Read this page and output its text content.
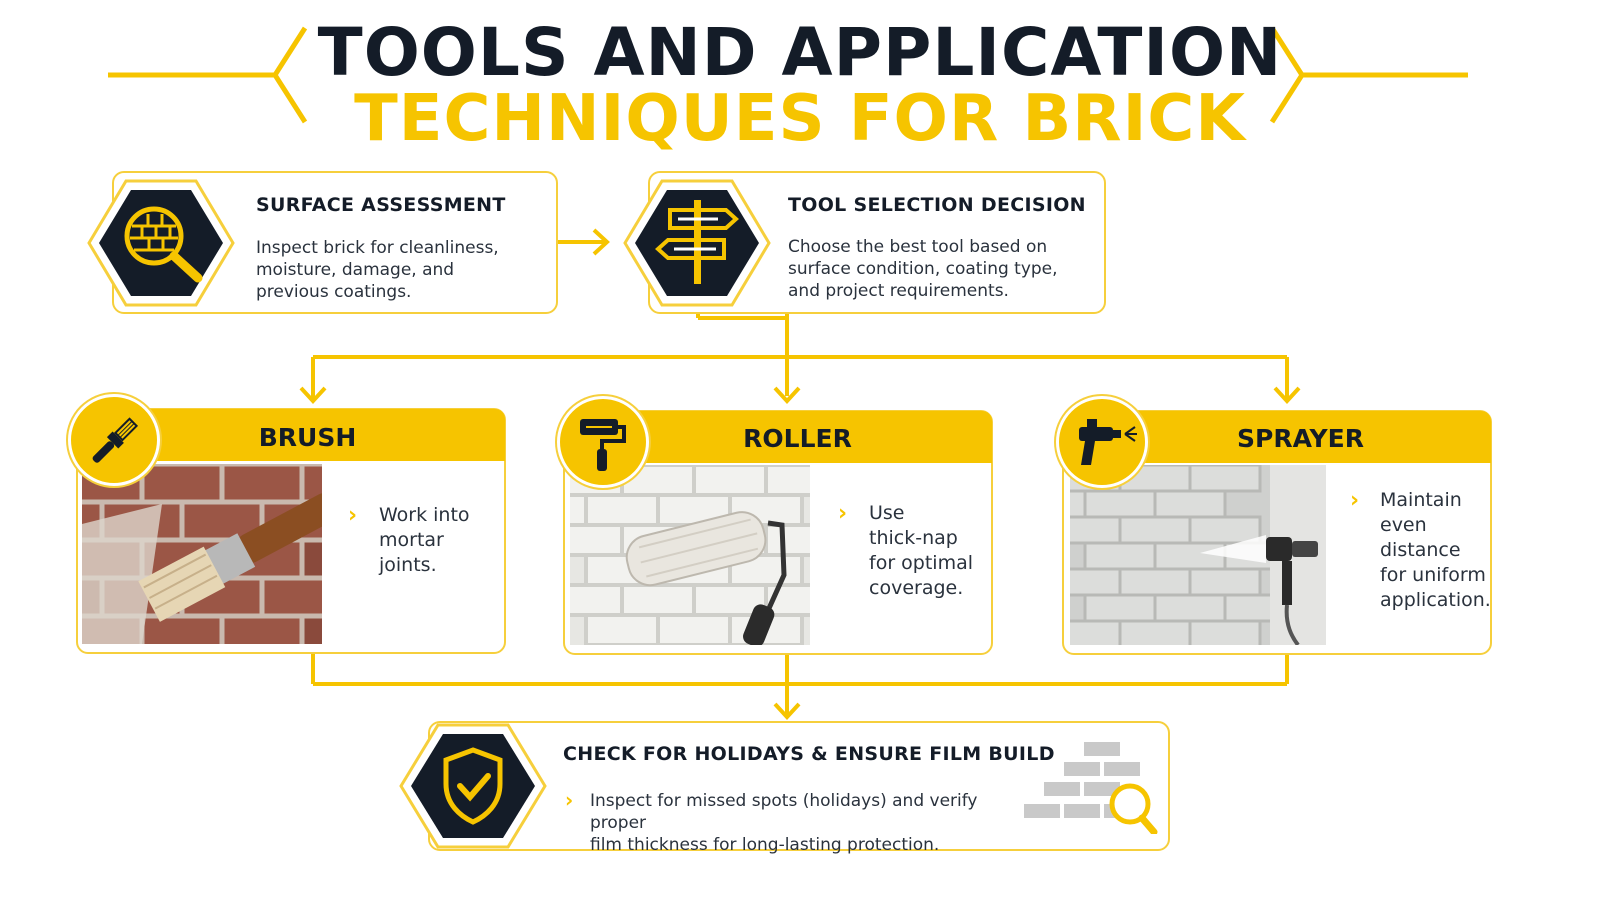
TOOLS AND APPLICATION
TECHNIQUES FOR BRICK
SURFACE ASSESSMENT
Inspect brick for cleanliness,
moisture, damage, and
previous coatings.
TOOL SELECTION DECISION
Choose the best tool based on
surface condition, coating type,
and project requirements.
BRUSH
› Work into
mortar
joints.
ROLLER
› Use
thick-nap
for optimal
coverage.
SPRAYER
› Maintain
even
distance
for uniform
application.
CHECK FOR HOLIDAYS & ENSURE FILM BUILD
› Inspect for missed spots (holidays) and verify proper
film thickness for long-lasting protection.
